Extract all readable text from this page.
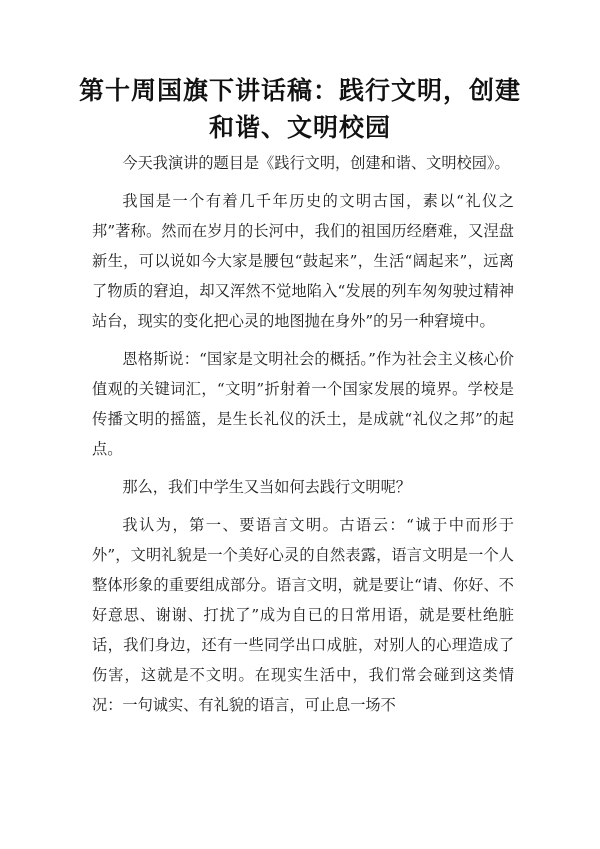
第十周国旗下讲话稿：践行文明，创建和谐、文明校园

今天我演讲的题目是《践行文明，创建和谐、文明校园》。

我国是一个有着几千年历史的文明古国，素以“礼仪之邦”著称。然而在岁月的长河中，我们的祖国历经磨难，又涅盘新生，可以说如今大家是腰包“鼓起来”，生活“阔起来”，远离了物质的窘迫，却又浑然不觉地陷入“发展的列车匆匆驶过精神站台，现实的变化把心灵的地图抛在身外”的另一种窘境中。

恩格斯说：“国家是文明社会的概括。”作为社会主义核心价值观的关键词汇，“文明”折射着一个国家发展的境界。学校是传播文明的摇篮，是生长礼仪的沃土，是成就“礼仪之邦”的起点。

那么，我们中学生又当如何去践行文明呢？

我认为，第一、要语言文明。古语云：“诚于中而形于外”，文明礼貌是一个美好心灵的自然表露，语言文明是一个人整体形象的重要组成部分。语言文明，就是要让“请、你好、不好意思、谢谢、打扰了”成为自已的日常用语，就是要杜绝脏话，我们身边，还有一些同学出口成脏，对别人的心理造成了伤害，这就是不文明。在现实生活中，我们常会碰到这类情况：一句诚实、有礼貌的语言，可止息一场不
